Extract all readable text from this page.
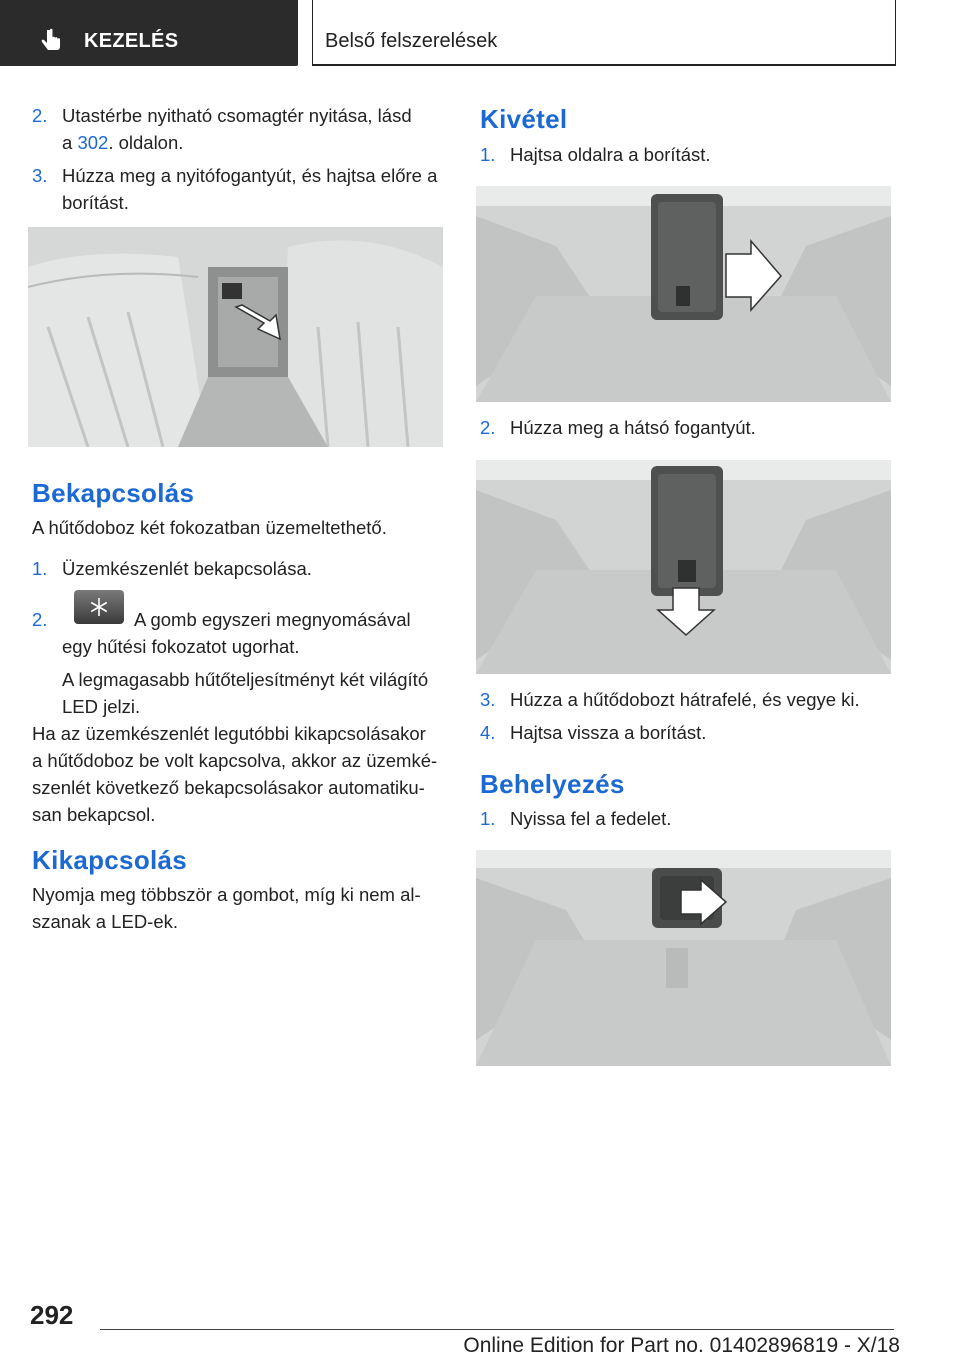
KEZELÉS	Belső felszerelések
2. Utastérbe nyitható csomagtér nyitása, lásd
a 302. oldalon.
3. Húzza meg a nyitófogantyút, és hajtsa előre a
borítást.
Bekapcsolás
A hűtődoboz két fokozatban üzemeltethető.
1. Üzemkészenlét bekapcsolása.
2.	A gomb egyszeri megnyomásával
egy hűtési fokozatot ugorhat.
A legmagasabb hűtőteljesítményt két világító
LED jelzi.
Ha az üzemkészenlét legutóbbi kikapcsolásakor
a hűtődoboz be volt kapcsolva, akkor az üzemké-
szenlét következő bekapcsolásakor automatiku-
san bekapcsol.
Kikapcsolás
Nyomja meg többször a gombot, míg ki nem al-
szanak a LED-ek.
Kivétel
1. Hajtsa oldalra a borítást.
2. Húzza meg a hátsó fogantyút.
3. Húzza a hűtődobozt hátrafelé, és vegye ki.
4. Hajtsa vissza a borítást.
Behelyezés
1. Nyissa fel a fedelet.
292
Online Edition for Part no. 01402896819 - X/18
